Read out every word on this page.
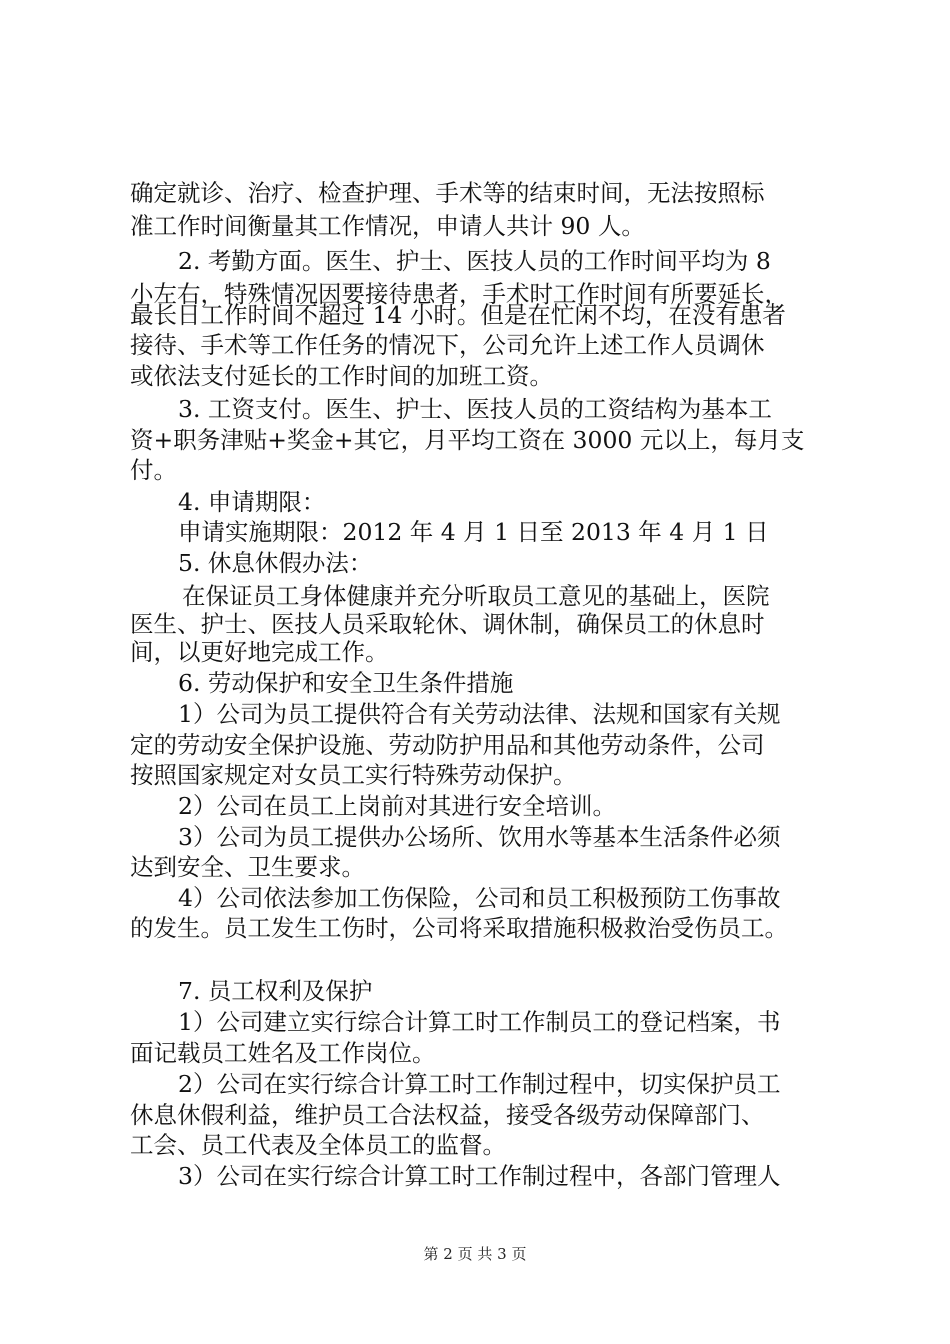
确定就诊、治疗、检查护理、手术等的结束时间，无法按照标
准工作时间衡量其工作情况，申请人共计 90 人。
2. 考勤方面。医生、护士、医技人员的工作时间平均为 8
小左右，特殊情况因要接待患者，手术时工作时间有所要延长，
最长日工作时间不超过 14 小时。但是在忙闲不均，在没有患者
接待、手术等工作任务的情况下，公司允许上述工作人员调休
或依法支付延长的工作时间的加班工资。
3. 工资支付。医生、护士、医技人员的工资结构为基本工
资+职务津贴+奖金+其它，月平均工资在 3000 元以上，每月支
付。
4. 申请期限：
申请实施期限：2012 年 4 月 1 日至 2013 年 4 月 1 日
5. 休息休假办法：
在保证员工身体健康并充分听取员工意见的基础上，医院
医生、护士、医技人员采取轮休、调休制，确保员工的休息时
间，以更好地完成工作。
6. 劳动保护和安全卫生条件措施
1）公司为员工提供符合有关劳动法律、法规和国家有关规
定的劳动安全保护设施、劳动防护用品和其他劳动条件，公司
按照国家规定对女员工实行特殊劳动保护。
2）公司在员工上岗前对其进行安全培训。
3）公司为员工提供办公场所、饮用水等基本生活条件必须
达到安全、卫生要求。
4）公司依法参加工伤保险，公司和员工积极预防工伤事故
的发生。员工发生工伤时，公司将采取措施积极救治受伤员工。
7. 员工权利及保护
1）公司建立实行综合计算工时工作制员工的登记档案，书
面记载员工姓名及工作岗位。
2）公司在实行综合计算工时工作制过程中，切实保护员工
休息休假利益，维护员工合法权益，接受各级劳动保障部门、
工会、员工代表及全体员工的监督。
3）公司在实行综合计算工时工作制过程中，各部门管理人
第 2 页 共 3 页
